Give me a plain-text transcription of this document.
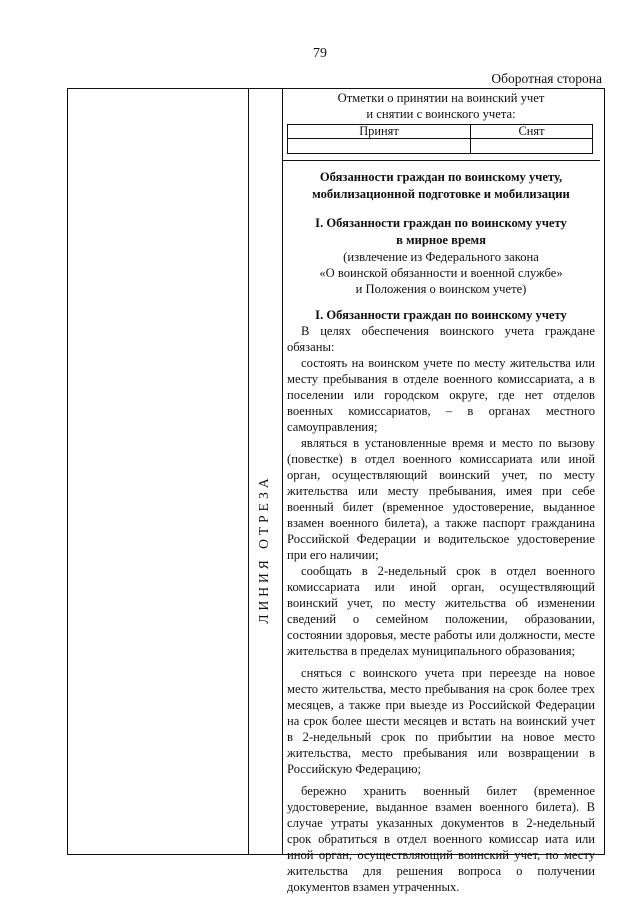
79
Оборотная сторона
ЛИНИЯ ОТРЕЗА
Отметки о принятии на воинский учет
и снятии с воинского учета:
Принят	Снят

Обязанности граждан по воинскому учету,
мобилизационной подготовке и мобилизации
I. Обязанности граждан по воинскому учету
в мирное время
(извлечение из Федерального закона
«О воинской обязанности и военной службе»
и Положения о воинском учете)
I. Обязанности граждан по воинскому учету

В целях обеспечения воинского учета граждане обязаны:

состоять на воинском учете по месту жительства или месту пребывания в отделе военного комиссариата, а в поселении или городском округе, где нет отделов военных комиссариатов, – в органах местного самоуправления;

являться в установленные время и место по вызову (повестке) в отдел военного комиссариата или иной орган, осуществляющий воинский учет, по месту жительства или месту пребывания, имея при себе военный билет (временное удостоверение, выданное взамен военного билета), а также паспорт гражданина Российской Федерации и водительское удостоверение при его наличии;

сообщать в 2-недельный срок в отдел военного комиссариата или иной орган, осуществляющий воинский учет, по месту жительства об изменении сведений о семейном положении, образовании, состоянии здоровья, месте работы или должности, месте жительства в пределах муниципального образования;

сняться с воинского учета при переезде на новое место жительства, место пребывания на срок более трех месяцев, а также при выезде из Российской Федерации на срок более шести месяцев и встать на воинский учет в 2-недельный срок по прибытии на новое место жительства, место пребывания или возвращении в Российскую Федерацию;

бережно хранить военный билет (временное удостоверение, выданное взамен военного билета). В случае утраты указанных документов в 2-недельный срок обратиться в отдел военного комиссар иата или иной орган, осуществляющий воинский учет, по месту жительства для решения вопроса о получении документов взамен утраченных.
